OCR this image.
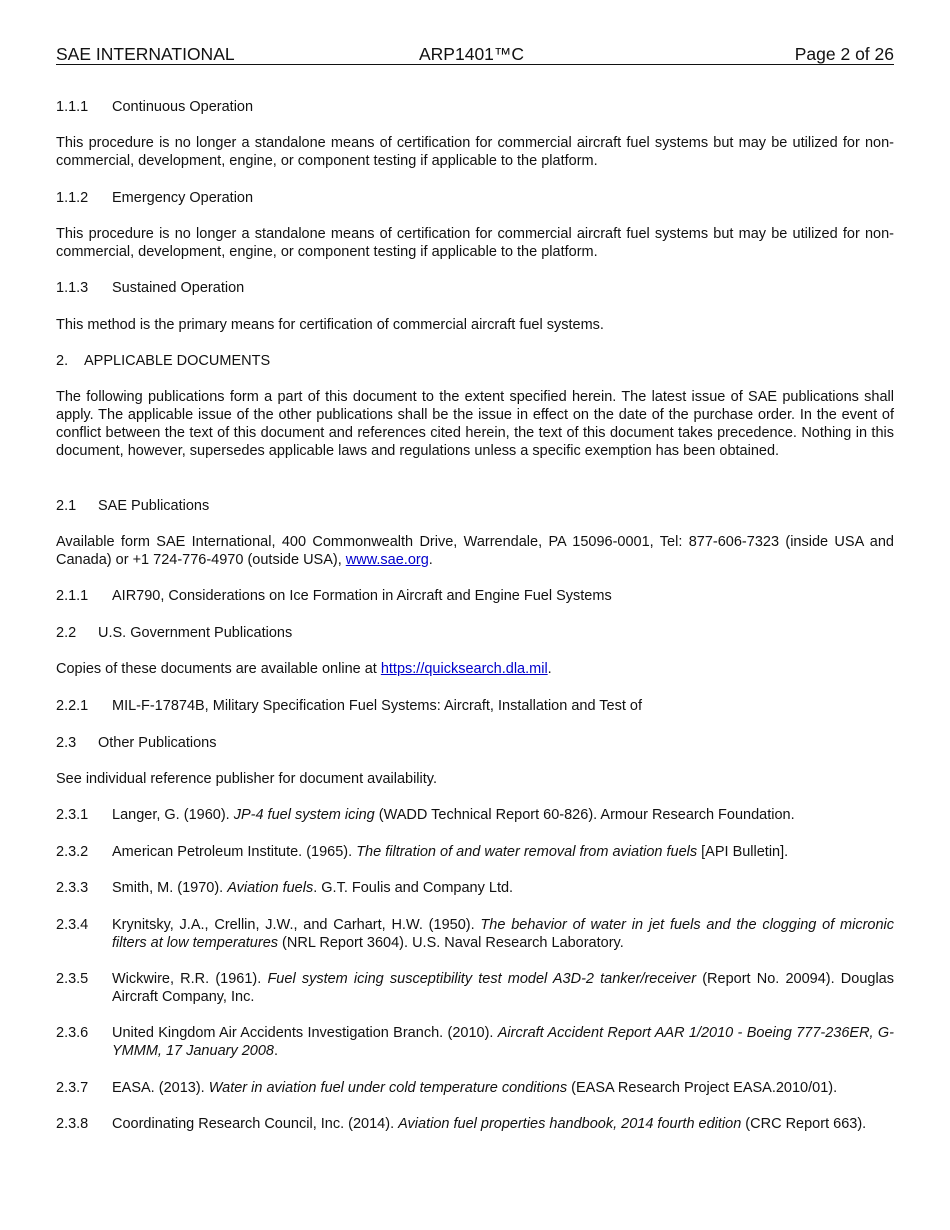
SAE INTERNATIONAL	ARP1401™C	Page 2 of 26
1.1.1 Continuous Operation
This procedure is no longer a standalone means of certification for commercial aircraft fuel systems but may be utilized for non-commercial, development, engine, or component testing if applicable to the platform.
1.1.2 Emergency Operation
This procedure is no longer a standalone means of certification for commercial aircraft fuel systems but may be utilized for non-commercial, development, engine, or component testing if applicable to the platform.
1.1.3 Sustained Operation
This method is the primary means for certification of commercial aircraft fuel systems.
2. APPLICABLE DOCUMENTS
The following publications form a part of this document to the extent specified herein. The latest issue of SAE publications shall apply. The applicable issue of the other publications shall be the issue in effect on the date of the purchase order. In the event of conflict between the text of this document and references cited herein, the text of this document takes precedence. Nothing in this document, however, supersedes applicable laws and regulations unless a specific exemption has been obtained.
2.1 SAE Publications
Available form SAE International, 400 Commonwealth Drive, Warrendale, PA 15096-0001, Tel: 877-606-7323 (inside USA and Canada) or +1 724-776-4970 (outside USA), www.sae.org.
2.1.1 AIR790, Considerations on Ice Formation in Aircraft and Engine Fuel Systems
2.2 U.S. Government Publications
Copies of these documents are available online at https://quicksearch.dla.mil.
2.2.1 MIL-F-17874B, Military Specification Fuel Systems: Aircraft, Installation and Test of
2.3 Other Publications
See individual reference publisher for document availability.
2.3.1 Langer, G. (1960). JP-4 fuel system icing (WADD Technical Report 60-826). Armour Research Foundation.
2.3.2 American Petroleum Institute. (1965). The filtration of and water removal from aviation fuels [API Bulletin].
2.3.3 Smith, M. (1970). Aviation fuels. G.T. Foulis and Company Ltd.
2.3.4 Krynitsky, J.A., Crellin, J.W., and Carhart, H.W. (1950). The behavior of water in jet fuels and the clogging of micronic filters at low temperatures (NRL Report 3604). U.S. Naval Research Laboratory.
2.3.5 Wickwire, R.R. (1961). Fuel system icing susceptibility test model A3D-2 tanker/receiver (Report No. 20094). Douglas Aircraft Company, Inc.
2.3.6 United Kingdom Air Accidents Investigation Branch. (2010). Aircraft Accident Report AAR 1/2010 - Boeing 777-236ER, G-YMMM, 17 January 2008.
2.3.7 EASA. (2013). Water in aviation fuel under cold temperature conditions (EASA Research Project EASA.2010/01).
2.3.8 Coordinating Research Council, Inc. (2014). Aviation fuel properties handbook, 2014 fourth edition (CRC Report 663).
